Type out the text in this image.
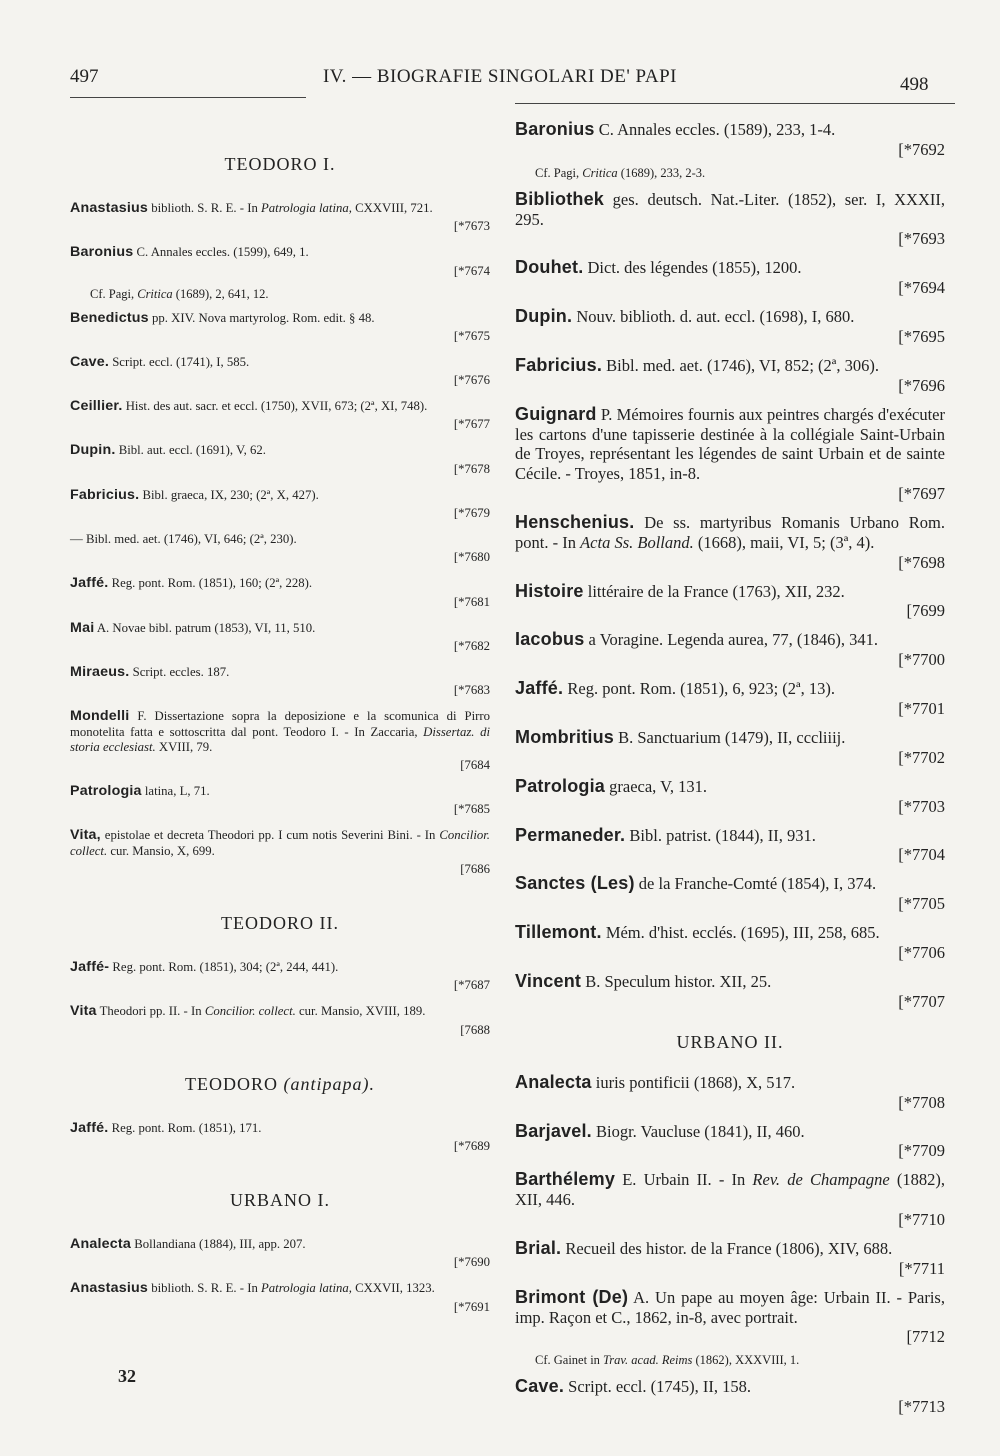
497	IV. — BIOGRAFIE SINGOLARI DE' PAPI	498
TEODORO I.
Anastasius biblioth. S. R. E. - In Patrologia latina, CXXVIII, 721.
[*7673
Baronius C. Annales eccles. (1599), 649, 1.
[*7674
Cf. Pagi, Critica (1689), 2, 641, 12.
Benedictus pp. XIV. Nova martyrolog. Rom. edit. § 48.
[*7675
Cave. Script. eccl. (1741), I, 585.
[*7676
Ceillier. Hist. des aut. sacr. et eccl. (1750), XVII, 673; (2ª, XI, 748).
[*7677
Dupin. Bibl. aut. eccl. (1691), V, 62.
[*7678
Fabricius. Bibl. graeca, IX, 230; (2ª, X, 427).
[*7679
— Bibl. med. aet. (1746), VI, 646; (2ª, 230).
[*7680
Jaffé. Reg. pont. Rom. (1851), 160; (2ª, 228).
[*7681
Mai A. Novae bibl. patrum (1853), VI, 11, 510.
[*7682
Miraeus. Script. eccles. 187.
[*7683
Mondelli F. Dissertazione sopra la deposizione e la scomunica di Pirro monotelita fatta e sottoscritta dal pont. Teodoro I. - In Zaccaria, Dissertaz. di storia ecclesiast. XVIII, 79.
[7684
Patrologia latina, L, 71.
[*7685
Vita, epistolae et decreta Theodori pp. I cum notis Severini Bini. - In Concilior. collect. cur. Mansio, X, 699.
[7686
TEODORO II.
Jaffé- Reg. pont. Rom. (1851), 304; (2ª, 244, 441).
[*7687
Vita Theodori pp. II. - In Concilior. collect. cur. Mansio, XVIII, 189.
[7688
TEODORO (antipapa).
Jaffé. Reg. pont. Rom. (1851), 171.
[*7689
URBANO I.
Analecta Bollandiana (1884), III, app. 207.
[*7690
Anastasius biblioth. S. R. E. - In Patrologia latina, CXXVII, 1323.
[*7691
Baronius C. Annales eccles. (1589), 233, 1-4.
[*7692
Cf. Pagi, Critica (1689), 233, 2-3.
Bibliothek ges. deutsch. Nat.-Liter. (1852), ser. I, XXXII, 295.
[*7693
Douhet. Dict. des légendes (1855), 1200.
[*7694
Dupin. Nouv. biblioth. d. aut. eccl. (1698), I, 680.
[*7695
Fabricius. Bibl. med. aet. (1746), VI, 852; (2ª, 306).
[*7696
Guignard P. Mémoires fournis aux peintres chargés d'exécuter les cartons d'une tapisserie destinée à la collégiale Saint-Urbain de Troyes, représentant les légendes de saint Urbain et de sainte Cécile. - Troyes, 1851, in-8.
[*7697
Henschenius. De ss. martyribus Romanis Urbano Rom. pont. - In Acta Ss. Bolland. (1668), maii, VI, 5; (3ª, 4).
[*7698
Histoire littéraire de la France (1763), XII, 232.
[7699
Iacobus a Voragine. Legenda aurea, 77, (1846), 341.
[*7700
Jaffé. Reg. pont. Rom. (1851), 6, 923; (2ª, 13).
[*7701
Mombritius B. Sanctuarium (1479), II, cccliiij.
[*7702
Patrologia graeca, V, 131.
[*7703
Permaneder. Bibl. patrist. (1844), II, 931.
[*7704
Sanctes (Les) de la Franche-Comté (1854), I, 374.
[*7705
Tillemont. Mém. d'hist. ecclés. (1695), III, 258, 685.
[*7706
Vincent B. Speculum histor. XII, 25.
[*7707
URBANO II.
Analecta iuris pontificii (1868), X, 517.
[*7708
Barjavel. Biogr. Vaucluse (1841), II, 460.
[*7709
Barthélemy E. Urbain II. - In Rev. de Champagne (1882), XII, 446.
[*7710
Brial. Recueil des histor. de la France (1806), XIV, 688.
[*7711
Brimont (De) A. Un pape au moyen âge: Urbain II. - Paris, imp. Raçon et C., 1862, in-8, avec portrait.
[7712
Cf. Gainet in Trav. acad. Reims (1862), XXXVIII, 1.
Cave. Script. eccl. (1745), II, 158.
[*7713
32
